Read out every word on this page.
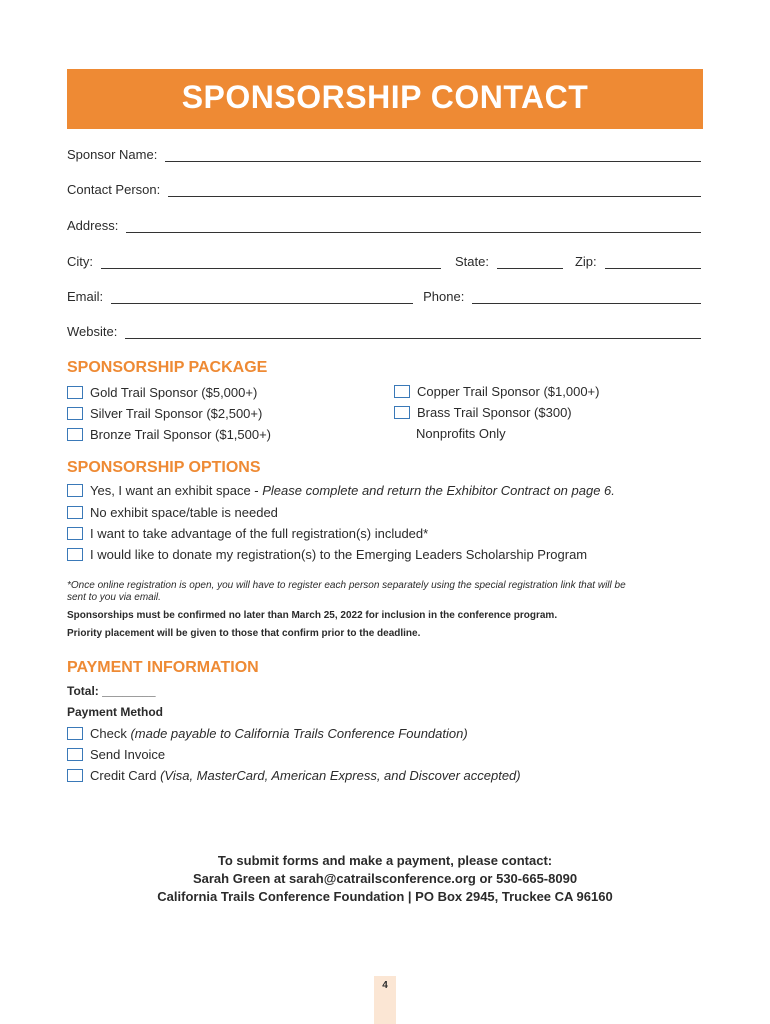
SPONSORSHIP CONTACT
Sponsor Name:
Contact Person:
Address:
City:	State:	Zip:
Email:	Phone:
Website:
SPONSORSHIP PACKAGE
Gold Trail Sponsor ($5,000+)
Silver Trail Sponsor ($2,500+)
Bronze Trail Sponsor ($1,500+)
Copper Trail Sponsor ($1,000+)
Brass Trail Sponsor ($300)
Nonprofits Only
SPONSORSHIP OPTIONS
Yes, I want an exhibit space - Please complete and return the Exhibitor Contract on page 6.
No exhibit space/table is needed
I want to take advantage of the full registration(s) included*
I would like to donate my registration(s) to the Emerging Leaders Scholarship Program
*Once online registration is open, you will have to register each person separately using the special registration link that will be sent to you via email.
Sponsorships must be confirmed no later than March 25, 2022 for inclusion in the conference program.
Priority placement will be given to those that confirm prior to the deadline.
PAYMENT INFORMATION
Total: ________
Payment Method
Check (made payable to California Trails Conference Foundation)
Send Invoice
Credit Card (Visa, MasterCard, American Express, and Discover accepted)
To submit forms and make a payment, please contact:
Sarah Green at sarah@catrailsconference.org or 530-665-8090
California Trails Conference Foundation | PO Box 2945, Truckee CA 96160
4
